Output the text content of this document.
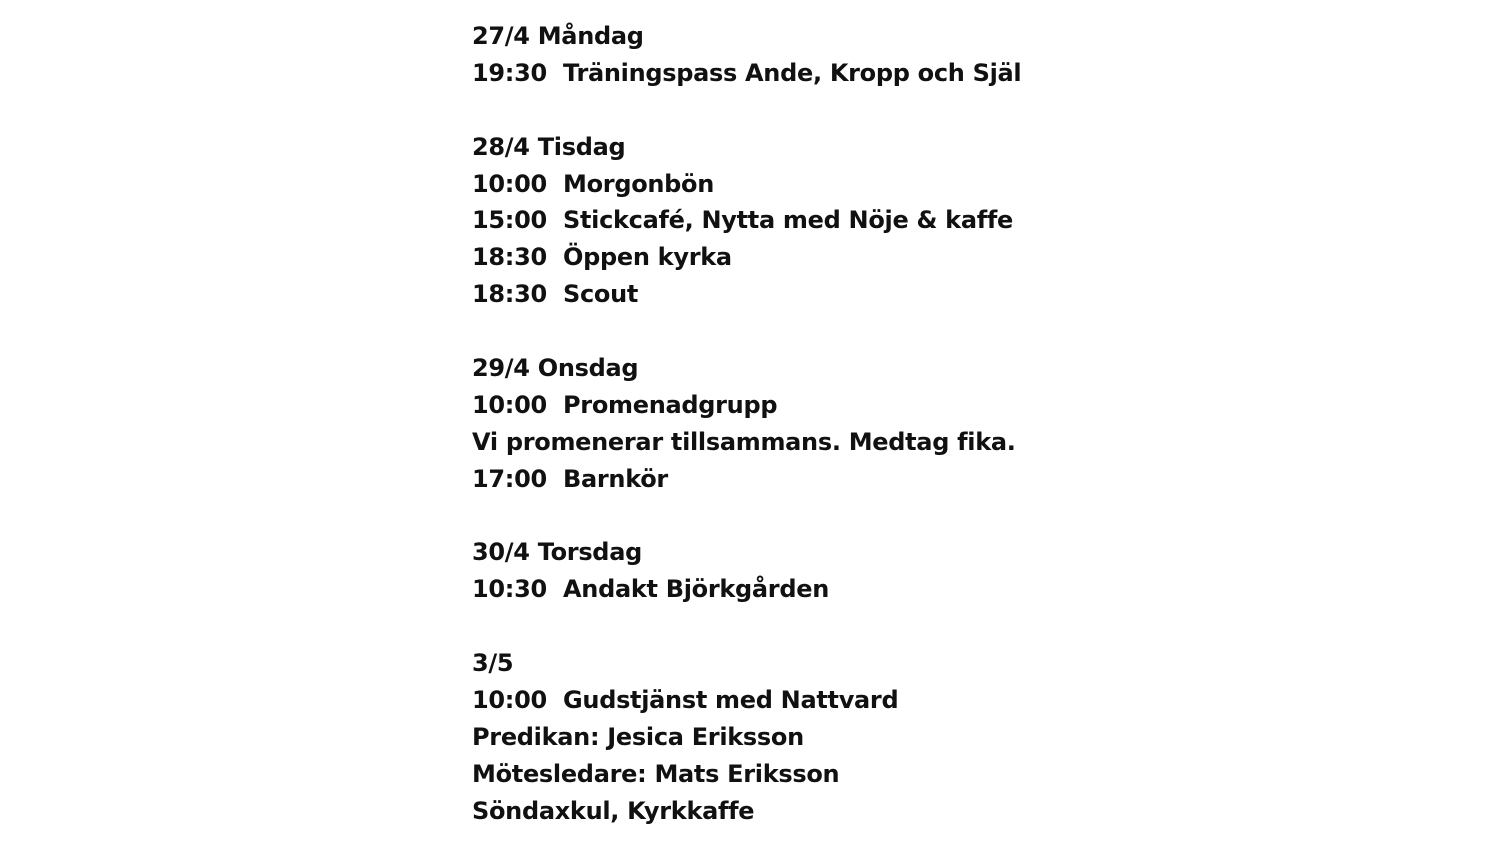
27/4 Måndag
19:30  Träningspass Ande, Kropp och Själ
28/4 Tisdag
10:00  Morgonbön
15:00  Stickcafé, Nytta med Nöje & kaffe
18:30  Öppen kyrka
18:30  Scout
29/4 Onsdag
10:00  Promenadgrupp
Vi promenerar tillsammans. Medtag fika.
17:00  Barnkör
30/4 Torsdag
10:30  Andakt Björkgården
3/5
10:00  Gudstjänst med Nattvard
Predikan: Jesica Eriksson
Mötesledare: Mats Eriksson
Söndaxkul, Kyrkkaffe
